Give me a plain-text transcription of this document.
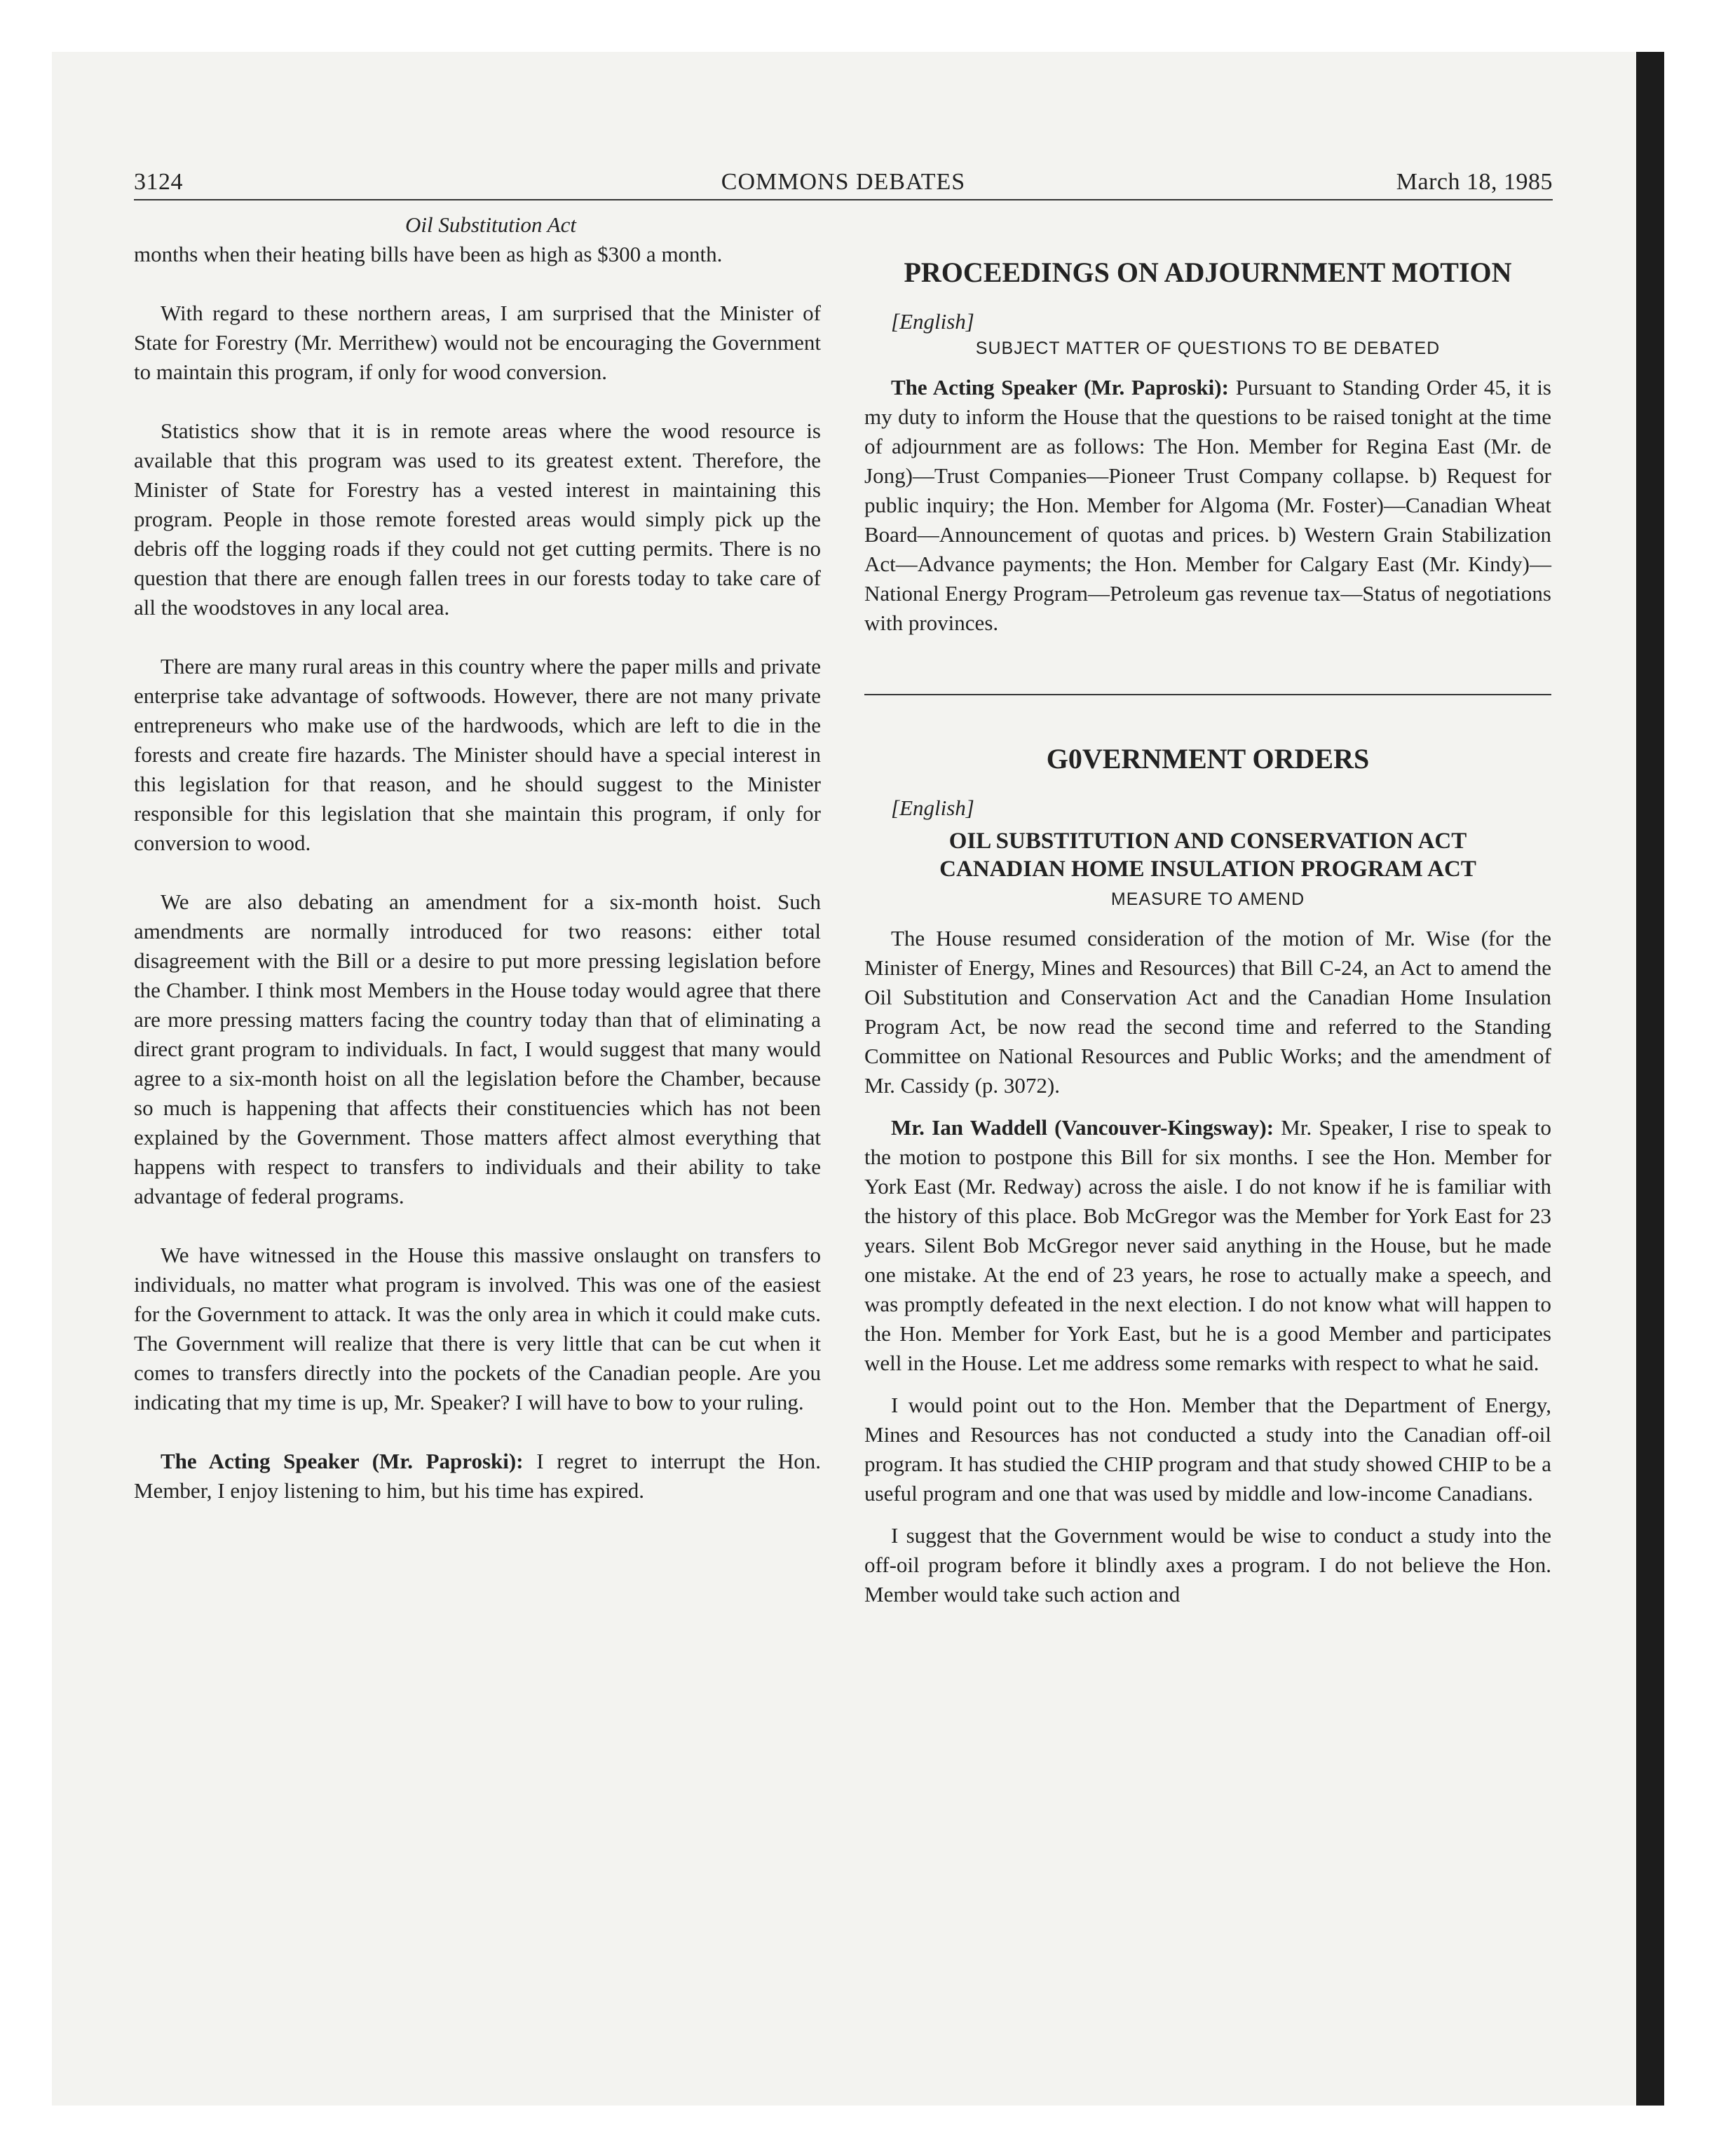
3124	COMMONS DEBATES	March 18, 1985

Oil Substitution Act

months when their heating bills have been as high as $300 a month.

With regard to these northern areas, I am surprised that the Minister of State for Forestry (Mr. Merrithew) would not be encouraging the Government to maintain this program, if only for wood conversion.

Statistics show that it is in remote areas where the wood resource is available that this program was used to its greatest extent. Therefore, the Minister of State for Forestry has a vested interest in maintaining this program. People in those remote forested areas would simply pick up the debris off the logging roads if they could not get cutting permits. There is no question that there are enough fallen trees in our forests today to take care of all the woodstoves in any local area.

There are many rural areas in this country where the paper mills and private enterprise take advantage of softwoods. However, there are not many private entrepreneurs who make use of the hardwoods, which are left to die in the forests and create fire hazards. The Minister should have a special interest in this legislation for that reason, and he should suggest to the Minister responsible for this legislation that she maintain this program, if only for conversion to wood.

We are also debating an amendment for a six-month hoist. Such amendments are normally introduced for two reasons: either total disagreement with the Bill or a desire to put more pressing legislation before the Chamber. I think most Members in the House today would agree that there are more pressing matters facing the country today than that of eliminating a direct grant program to individuals. In fact, I would suggest that many would agree to a six-month hoist on all the legislation before the Chamber, because so much is happening that affects their constituencies which has not been explained by the Government. Those matters affect almost everything that happens with respect to transfers to individuals and their ability to take advantage of federal programs.

We have witnessed in the House this massive onslaught on transfers to individuals, no matter what program is involved. This was one of the easiest for the Government to attack. It was the only area in which it could make cuts. The Government will realize that there is very little that can be cut when it comes to transfers directly into the pockets of the Canadian people. Are you indicating that my time is up, Mr. Speaker? I will have to bow to your ruling.

The Acting Speaker (Mr. Paproski): I regret to interrupt the Hon. Member, I enjoy listening to him, but his time has expired.

PROCEEDINGS ON ADJOURNMENT MOTION

[English]

SUBJECT MATTER OF QUESTIONS TO BE DEBATED

The Acting Speaker (Mr. Paproski): Pursuant to Standing Order 45, it is my duty to inform the House that the questions to be raised tonight at the time of adjournment are as follows: The Hon. Member for Regina East (Mr. de Jong)—Trust Companies—Pioneer Trust Company collapse. b) Request for public inquiry; the Hon. Member for Algoma (Mr. Foster)—Canadian Wheat Board—Announcement of quotas and prices. b) Western Grain Stabilization Act—Advance payments; the Hon. Member for Calgary East (Mr. Kindy)—National Energy Program—Petroleum gas revenue tax—Status of negotiations with provinces.

G0VERNMENT ORDERS

[English]

OIL SUBSTITUTION AND CONSERVATION ACT
CANADIAN HOME INSULATION PROGRAM ACT
MEASURE TO AMEND

The House resumed consideration of the motion of Mr. Wise (for the Minister of Energy, Mines and Resources) that Bill C-24, an Act to amend the Oil Substitution and Conservation Act and the Canadian Home Insulation Program Act, be now read the second time and referred to the Standing Committee on National Resources and Public Works; and the amendment of Mr. Cassidy (p. 3072).

Mr. Ian Waddell (Vancouver-Kingsway): Mr. Speaker, I rise to speak to the motion to postpone this Bill for six months. I see the Hon. Member for York East (Mr. Redway) across the aisle. I do not know if he is familiar with the history of this place. Bob McGregor was the Member for York East for 23 years. Silent Bob McGregor never said anything in the House, but he made one mistake. At the end of 23 years, he rose to actually make a speech, and was promptly defeated in the next election. I do not know what will happen to the Hon. Member for York East, but he is a good Member and participates well in the House. Let me address some remarks with respect to what he said.

I would point out to the Hon. Member that the Department of Energy, Mines and Resources has not conducted a study into the Canadian off-oil program. It has studied the CHIP program and that study showed CHIP to be a useful program and one that was used by middle and low-income Canadians.

I suggest that the Government would be wise to conduct a study into the off-oil program before it blindly axes a program. I do not believe the Hon. Member would take such action and
